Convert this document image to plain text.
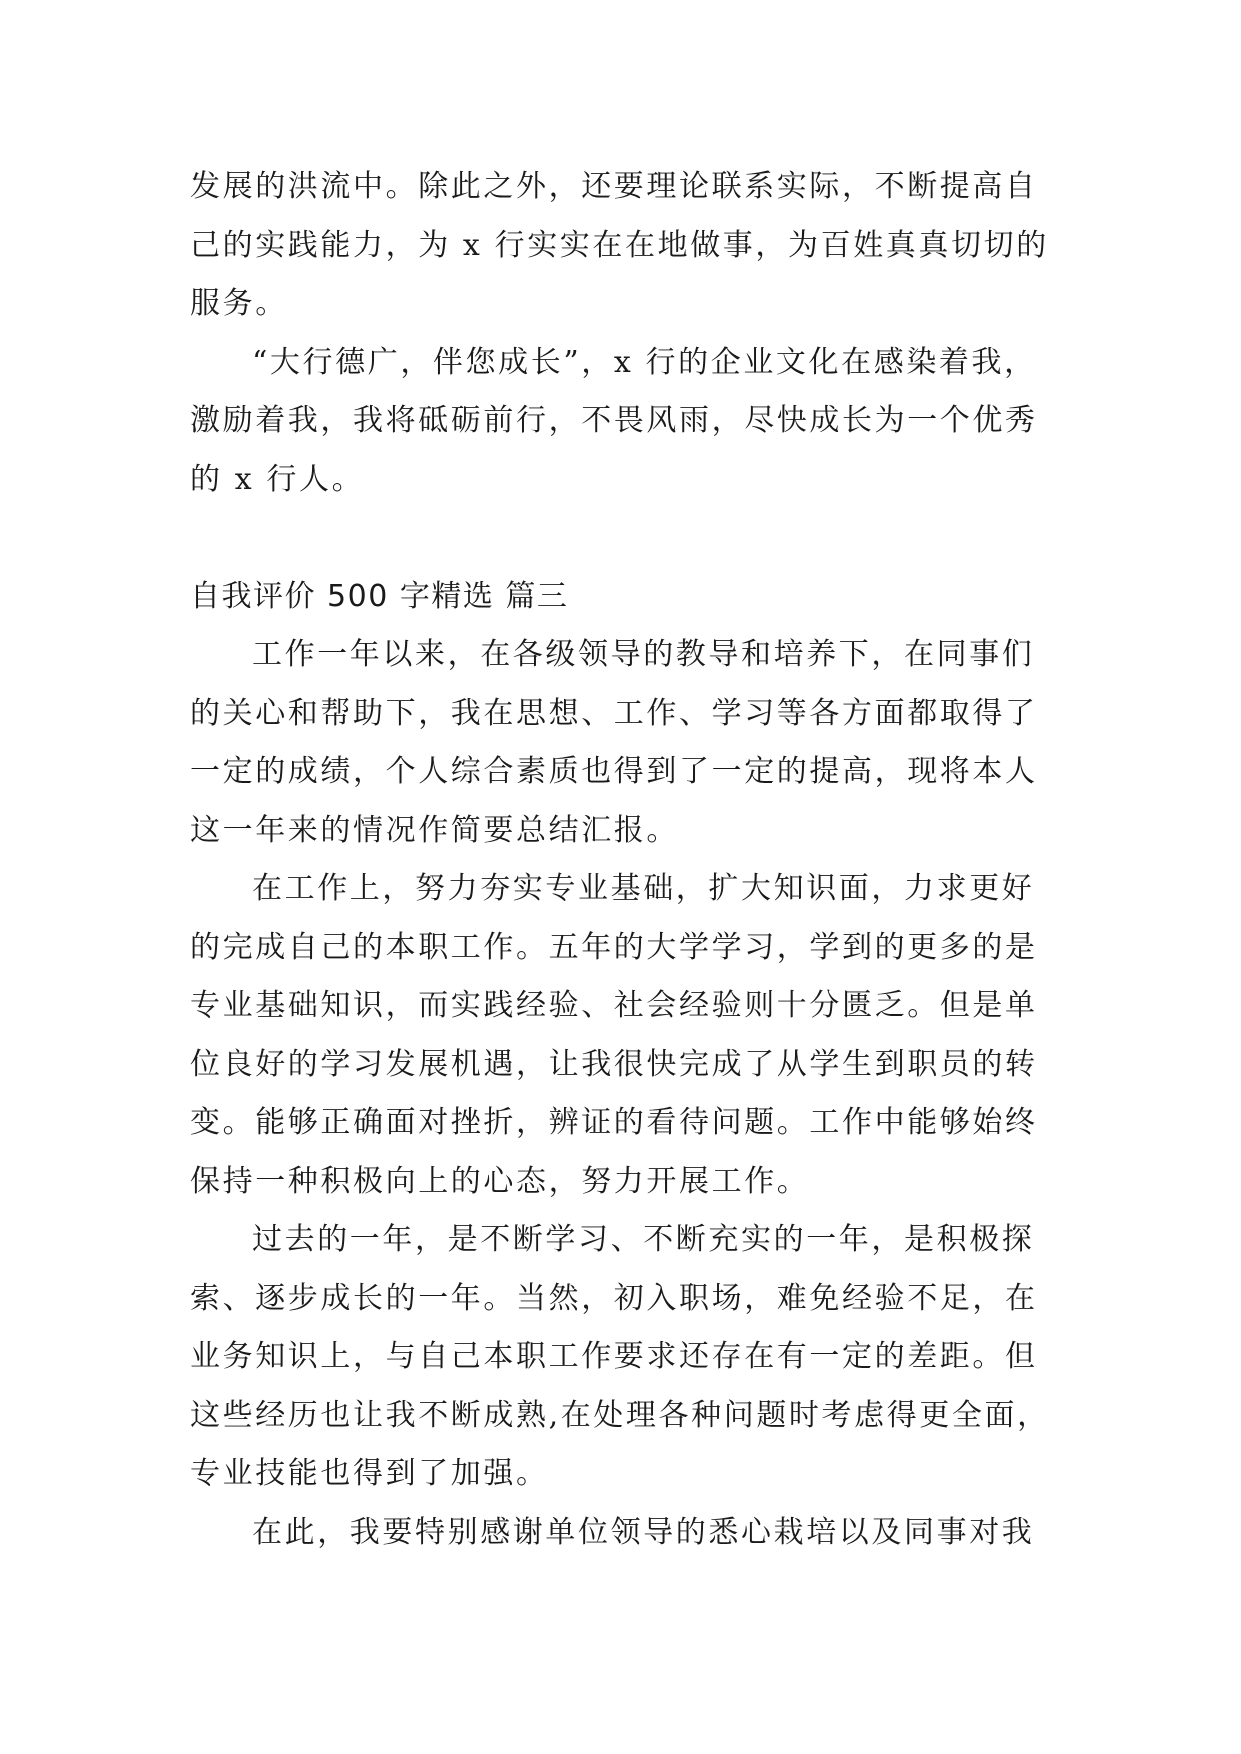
发展的洪流中。除此之外，还要理论联系实际，不断提高自
己的实践能力，为 x 行实实在在地做事，为百姓真真切切的
服务。
“大行德广，伴您成长”，x 行的企业文化在感染着我，
激励着我，我将砥砺前行，不畏风雨，尽快成长为一个优秀
的 x 行人。
自我评价 500 字精选 篇三
工作一年以来，在各级领导的教导和培养下，在同事们
的关心和帮助下，我在思想、工作、学习等各方面都取得了
一定的成绩，个人综合素质也得到了一定的提高，现将本人
这一年来的情况作简要总结汇报。
在工作上，努力夯实专业基础，扩大知识面，力求更好
的完成自己的本职工作。五年的大学学习，学到的更多的是
专业基础知识，而实践经验、社会经验则十分匮乏。但是单
位良好的学习发展机遇，让我很快完成了从学生到职员的转
变。能够正确面对挫折，辨证的看待问题。工作中能够始终
保持一种积极向上的心态，努力开展工作。
过去的一年，是不断学习、不断充实的一年，是积极探
索、逐步成长的一年。当然，初入职场，难免经验不足，在
业务知识上，与自己本职工作要求还存在有一定的差距。但
这些经历也让我不断成熟,在处理各种问题时考虑得更全面，
专业技能也得到了加强。
在此，我要特别感谢单位领导的悉心栽培以及同事对我
